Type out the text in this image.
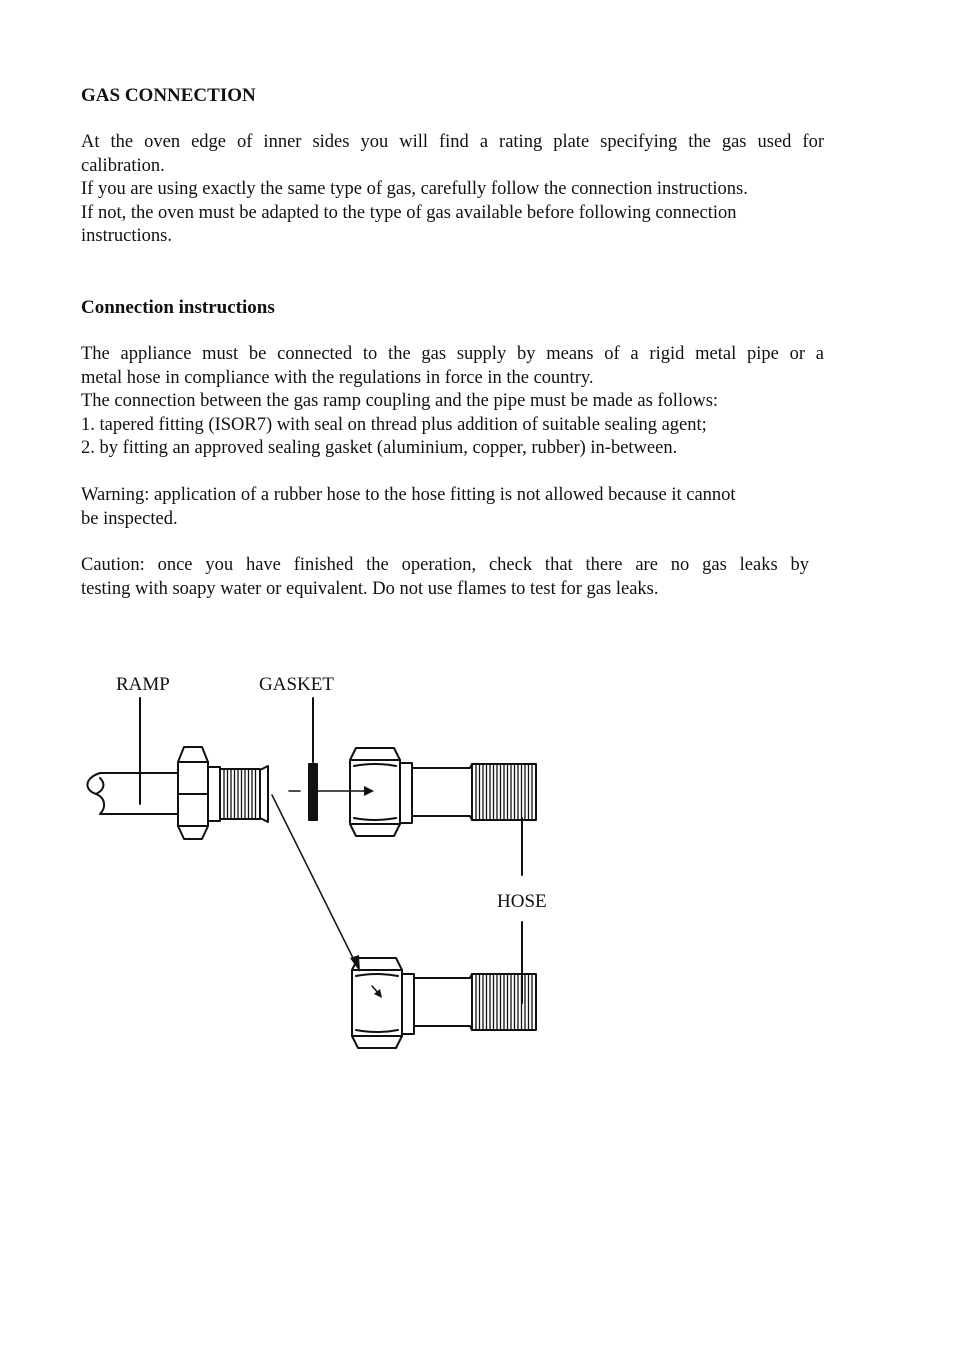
GAS CONNECTION
At the oven edge of inner sides you will find a rating plate specifying the gas used for
calibration.
If you are using exactly the same type of gas, carefully follow the connection instructions.
If not, the oven must be adapted to the type of gas available before following connection
instructions.
Connection instructions
The appliance must be connected to the gas supply by means of a rigid metal pipe or a
metal hose in compliance with the regulations in force in the country.
The connection between the gas ramp coupling and the pipe must be made as follows:
1. tapered fitting (ISOR7) with seal on thread plus addition of suitable sealing agent;
2. by fitting an approved sealing gasket (aluminium, copper, rubber) in-between.
Warning: application of a rubber hose to the hose fitting is not allowed because it cannot
be inspected.
Caution: once you have finished the operation, check that there are no gas leaks by
testing with soapy water or equivalent. Do not use flames to test for gas leaks.
RAMP	GASKET
HOSE
